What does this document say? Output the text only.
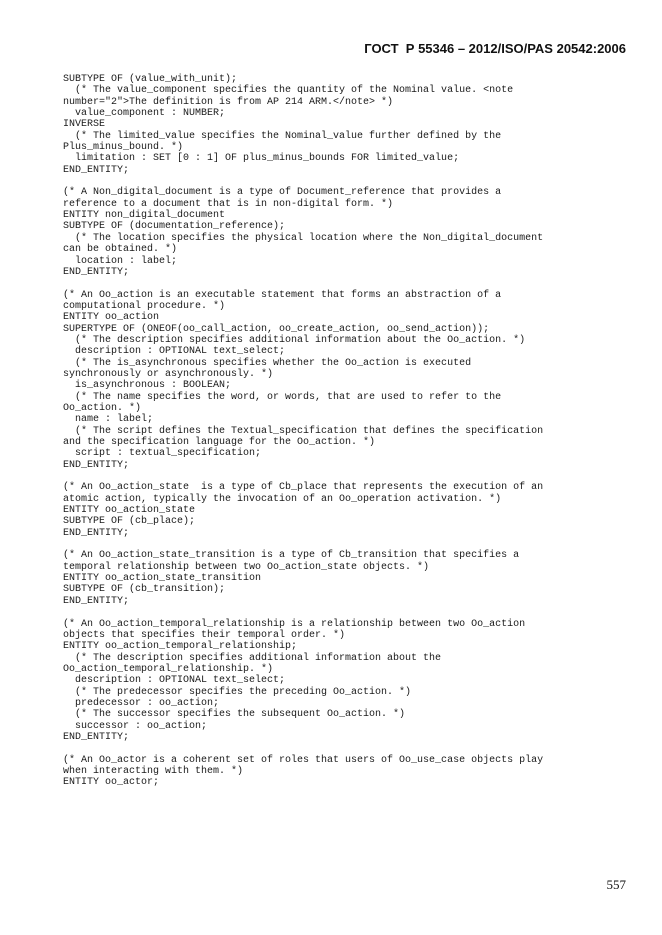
ГОСТ  Р 55346 – 2012/ISO/PAS 20542:2006
SUBTYPE OF (value_with_unit);
(* The value_component specifies the quantity of the Nominal value. <note
number="2">The definition is from AP 214 ARM.</note> *)
value_component : NUMBER;
INVERSE
(* The limited_value specifies the Nominal_value further defined by the
Plus_minus_bound. *)
limitation : SET [0 : 1] OF plus_minus_bounds FOR limited_value;
END_ENTITY;
(* A Non_digital_document is a type of Document_reference that provides a
reference to a document that is in non-digital form. *)
ENTITY non_digital_document
SUBTYPE OF (documentation_reference);
(* The location specifies the physical location where the Non_digital_document
can be obtained. *)
location : label;
END_ENTITY;
(* An Oo_action is an executable statement that forms an abstraction of a
computational procedure. *)
ENTITY oo_action
SUPERTYPE OF (ONEOF(oo_call_action, oo_create_action, oo_send_action));
(* The description specifies additional information about the Oo_action. *)
description : OPTIONAL text_select;
(* The is_asynchronous specifies whether the Oo_action is executed
synchronously or asynchronously. *)
is_asynchronous : BOOLEAN;
(* The name specifies the word, or words, that are used to refer to the
Oo_action. *)
name : label;
(* The script defines the Textual_specification that defines the specification
and the specification language for the Oo_action. *)
script : textual_specification;
END_ENTITY;
(* An Oo_action_state  is a type of Cb_place that represents the execution of an
atomic action, typically the invocation of an Oo_operation activation. *)
ENTITY oo_action_state
SUBTYPE OF (cb_place);
END_ENTITY;
(* An Oo_action_state_transition is a type of Cb_transition that specifies a
temporal relationship between two Oo_action_state objects. *)
ENTITY oo_action_state_transition
SUBTYPE OF (cb_transition);
END_ENTITY;
(* An Oo_action_temporal_relationship is a relationship between two Oo_action
objects that specifies their temporal order. *)
ENTITY oo_action_temporal_relationship;
(* The description specifies additional information about the
Oo_action_temporal_relationship. *)
description : OPTIONAL text_select;
(* The predecessor specifies the preceding Oo_action. *)
predecessor : oo_action;
(* The successor specifies the subsequent Oo_action. *)
successor : oo_action;
END_ENTITY;
(* An Oo_actor is a coherent set of roles that users of Oo_use_case objects play
when interacting with them. *)
ENTITY oo_actor;
557
